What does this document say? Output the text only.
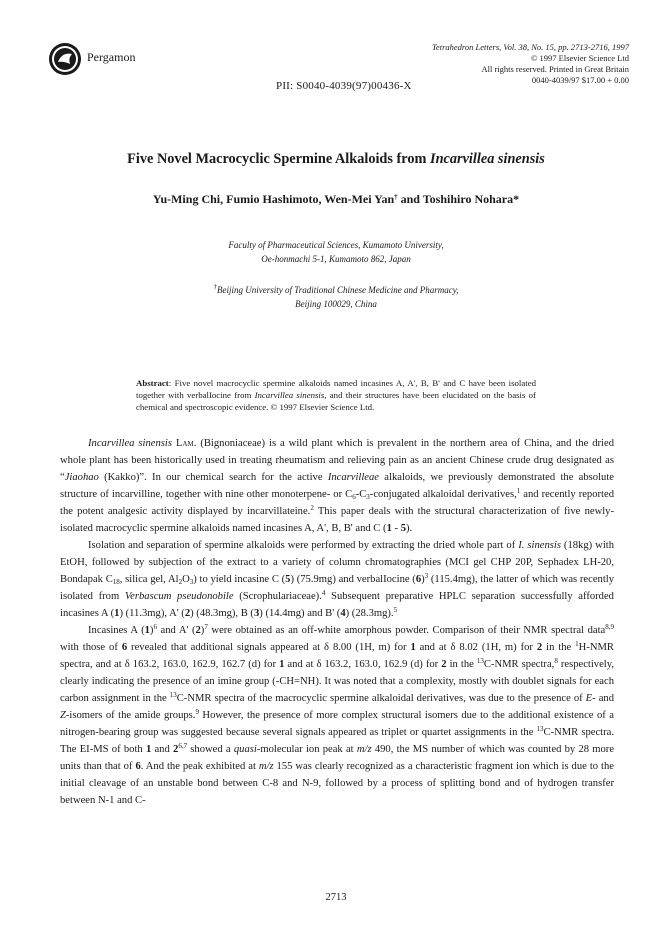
Pergamon
Tetrahedron Letters, Vol. 38, No. 15, pp. 2713-2716, 1997
© 1997 Elsevier Science Ltd
All rights reserved. Printed in Great Britain
0040-4039/97 $17.00 + 0.00
PII: S0040-4039(97)00436-X
Five Novel Macrocyclic Spermine Alkaloids from Incarvillea sinensis
Yu-Ming Chi, Fumio Hashimoto, Wen-Mei Yan† and Toshihiro Nohara*
Faculty of Pharmaceutical Sciences, Kumamoto University,
Oe-honmachi 5-1, Kumamoto 862, Japan
†Beijing University of Traditional Chinese Medicine and Pharmacy,
Beijing 100029, China
Abstract: Five novel macrocyclic spermine alkaloids named incasines A, A', B, B' and C have been isolated together with verbalIocine from Incarvillea sinensis, and their structures have been elucidated on the basis of chemical and spectroscopic evidence. © 1997 Elsevier Science Ltd.

Incarvillea sinensis Lam. (Bignoniaceae) is a wild plant which is prevalent in the northern area of China, and the dried whole plant has been historically used in treating rheumatism and relieving pain as an ancient Chinese crude drug designated as “Jiaohao (Kakko)”. In our chemical search for the active Incarvilleae alkaloids, we previously demonstrated the absolute structure of incarvilline, together with nine other monoterpene- or $C_6-C_3$-conjugated alkaloidal derivatives,$^1$ and recently reported the potent analgesic activity displayed by incarvillateine.$^2$ This paper deals with the structural characterization of five newly-isolated macrocyclic spermine alkaloids named incasines A, A', B, B' and C (1 - 5).

Isolation and separation of spermine alkaloids were performed by extracting the dried whole part of I. sinensis (18kg) with EtOH, followed by subjection of the extract to a variety of column chromatographies (MCI gel CHP 20P, Sephadex LH-20, Bondapak $C_{18}$, silica gel, $Al_2O_3$) to yield incasine C (5) (75.9mg) and verbalIocine $(6)^3$ (115.4mg), the latter of which was recently isolated from Verbascum pseudonobile (Scrophulariaceae).$^4$ Subsequent preparative HPLC separation successfully afforded incasines A (1) (11.3mg), A' (2) (48.3mg), B (3) (14.4mg) and B' (4) (28.3mg).$^5$

Incasines A $(1)^6$ and A' $(2)^7$ were obtained as an off-white amorphous powder. Comparison of their NMR spectral data$^{8,9}$ with those of 6 revealed that additional signals appeared at δ 8.00 (1H, m) for 1 and at δ 8.02 (1H, m) for 2 in the $^1$H-NMR spectra, and at δ 163.2, 163.0, 162.9, 162.7 (d) for 1 and at δ 163.2, 163.0, 162.9 (d) for 2 in the $^{13}$C-NMR spectra,$^8$ respectively, clearly indicating the presence of an imine group (-CH=NH). It was noted that a complexity, mostly with doublet signals for each carbon assignment in the $^{13}$C-NMR spectra of the macrocyclic spermine alkaloidal derivatives, was due to the presence of E- and Z-isomers of the amide groups.$^9$ However, the presence of more complex structural isomers due to the additional existence of a nitrogen-bearing group was suggested because several signals appeared as triplet or quartet assignments in the $^{13}$C-NMR spectra. The EI-MS of both 1 and 2$^{6,7}$ showed a quasi-molecular ion peak at m/z 490, the MS number of which was counted by 28 more units than that of 6. And the peak exhibited at m/z 155 was clearly recognized as a characteristic fragment ion which is due to the initial cleavage of an unstable bond between C-8 and N-9, followed by a process of splitting bond and of hydrogen transfer between N-1 and C-

2713
